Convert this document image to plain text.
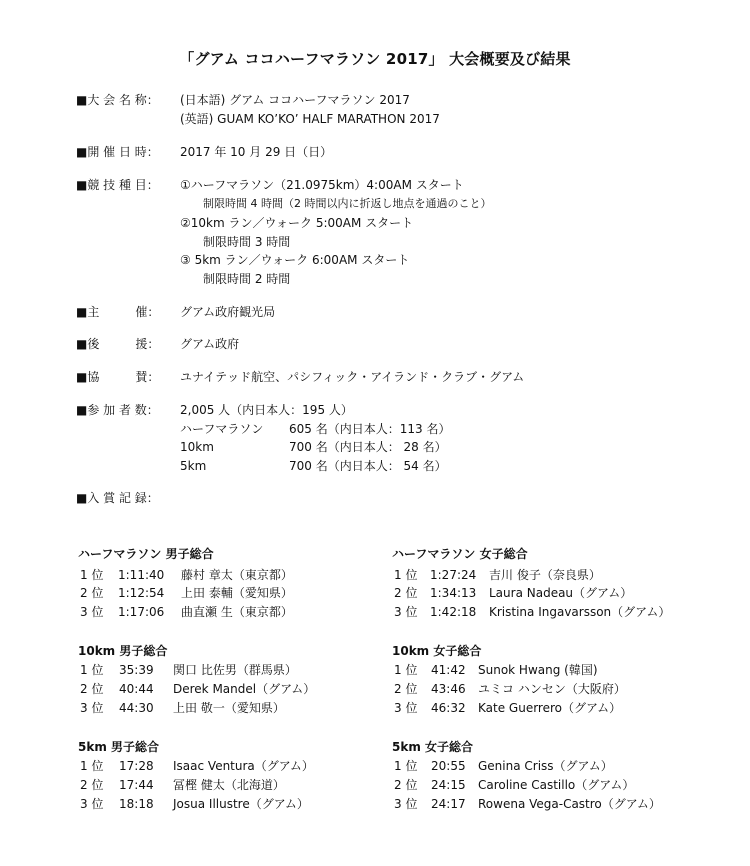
「グアム ココハーフマラソン 2017」 大会概要及び結果
■大 会 名 称： (日本語) グアム ココハーフマラソン 2017
(英語) GUAM KO’KO’ HALF MARATHON 2017
■開 催 日 時： 2017 年 10 月 29 日（日）
■競 技 種 目： ①ハーフマラソン（21.0975km）4:00AM スタート
制限時間 4 時間（2 時間以内に折返し地点を通過のこと）
②10km ラン／ウォーク 5:00AM スタート
制限時間 3 時間
③ 5km ラン／ウォーク 6:00AM スタート
制限時間 2 時間
■主　　　催： グアム政府観光局
■後　　　援： グアム政府
■協　　　賛： ユナイテッド航空、パシフィック・アイランド・クラブ・グアム
■参 加 者 数： 2,005 人（内日本人：195 人）
ハーフマラソン 605 名（内日本人：113 名）
10km	700 名（内日本人： 28 名）
5km	700 名（内日本人： 54 名）
■入 賞 記 録：
ハーフマラソン 男子総合
1 位 1:11:40 藤村 章太（東京都）
2 位 1:12:54 上田 泰輔（愛知県）
3 位 1:17:06 曲直瀬 生（東京都）
10km 男子総合
1 位 35:39 関口 比佐男（群馬県）
2 位 40:44 Derek Mandel（グアム）
3 位 44:30 上田 敬一（愛知県）
5km 男子総合
1 位 17:28 Isaac Ventura（グアム）
2 位 17:44 冨樫 健太（北海道）
3 位 18:18 Josua Illustre（グアム）
ハーフマラソン 女子総合
1 位 1:27:24 吉川 俊子（奈良県）
2 位 1:34:13 Laura Nadeau（グアム）
3 位 1:42:18 Kristina Ingavarsson（グアム）
10km 女子総合
1 位 41:42 Sunok Hwang (韓国)
2 位 43:46 ユミコ ハンセン（大阪府）
3 位 46:32 Kate Guerrero（グアム）
5km 女子総合
1 位 20:55 Genina Criss（グアム）
2 位 24:15 Caroline Castillo（グアム）
3 位 24:17 Rowena Vega-Castro（グアム）
